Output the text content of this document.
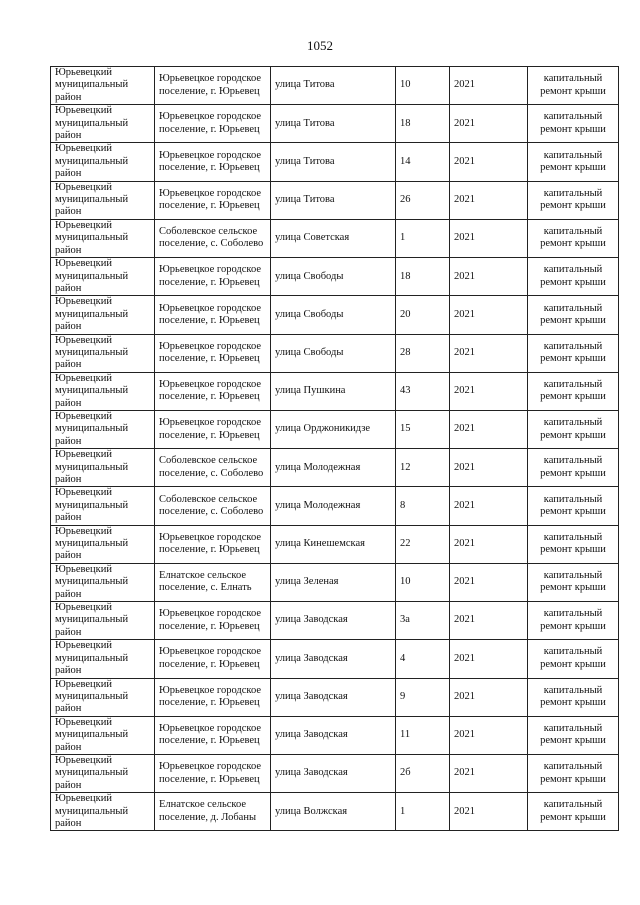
1052
Юрьевецкий муниципальный район	Юрьевецкое городское поселение, г. Юрьевец	улица Титова	10	2021	капитальный ремонт крыши

Юрьевецкий муниципальный район	Юрьевецкое городское поселение, г. Юрьевец	улица Титова	18	2021	капитальный ремонт крыши

Юрьевецкий муниципальный район	Юрьевецкое городское поселение, г. Юрьевец	улица Титова	14	2021	капитальный ремонт крыши

Юрьевецкий муниципальный район	Юрьевецкое городское поселение, г. Юрьевец	улица Титова	26	2021	капитальный ремонт крыши

Юрьевецкий муниципальный район	Соболевское сельское поселение, с. Соболево	улица Советская	1	2021	капитальный ремонт крыши

Юрьевецкий муниципальный район	Юрьевецкое городское поселение, г. Юрьевец	улица Свободы	18	2021	капитальный ремонт крыши

Юрьевецкий муниципальный район	Юрьевецкое городское поселение, г. Юрьевец	улица Свободы	20	2021	капитальный ремонт крыши

Юрьевецкий муниципальный район	Юрьевецкое городское поселение, г. Юрьевец	улица Свободы	28	2021	капитальный ремонт крыши

Юрьевецкий муниципальный район	Юрьевецкое городское поселение, г. Юрьевец	улица Пушкина	43	2021	капитальный ремонт крыши

Юрьевецкий муниципальный район	Юрьевецкое городское поселение, г. Юрьевец	улица Орджоникидзе	15	2021	капитальный ремонт крыши

Юрьевецкий муниципальный район	Соболевское сельское поселение, с. Соболево	улица Молодежная	12	2021	капитальный ремонт крыши

Юрьевецкий муниципальный район	Соболевское сельское поселение, с. Соболево	улица Молодежная	8	2021	капитальный ремонт крыши

Юрьевецкий муниципальный район	Юрьевецкое городское поселение, г. Юрьевец	улица Кинешемская	22	2021	капитальный ремонт крыши

Юрьевецкий муниципальный район	Елнатское сельское поселение, с. Елнать	улица Зеленая	10	2021	капитальный ремонт крыши

Юрьевецкий муниципальный район	Юрьевецкое городское поселение, г. Юрьевец	улица Заводская	3а	2021	капитальный ремонт крыши

Юрьевецкий муниципальный район	Юрьевецкое городское поселение, г. Юрьевец	улица Заводская	4	2021	капитальный ремонт крыши

Юрьевецкий муниципальный район	Юрьевецкое городское поселение, г. Юрьевец	улица Заводская	9	2021	капитальный ремонт крыши

Юрьевецкий муниципальный район	Юрьевецкое городское поселение, г. Юрьевец	улица Заводская	11	2021	капитальный ремонт крыши

Юрьевецкий муниципальный район	Юрьевецкое городское поселение, г. Юрьевец	улица Заводская	2б	2021	капитальный ремонт крыши

Юрьевецкий муниципальный район	Елнатское сельское поселение, д. Лобаны	улица Волжская	1	2021	капитальный ремонт крыши
